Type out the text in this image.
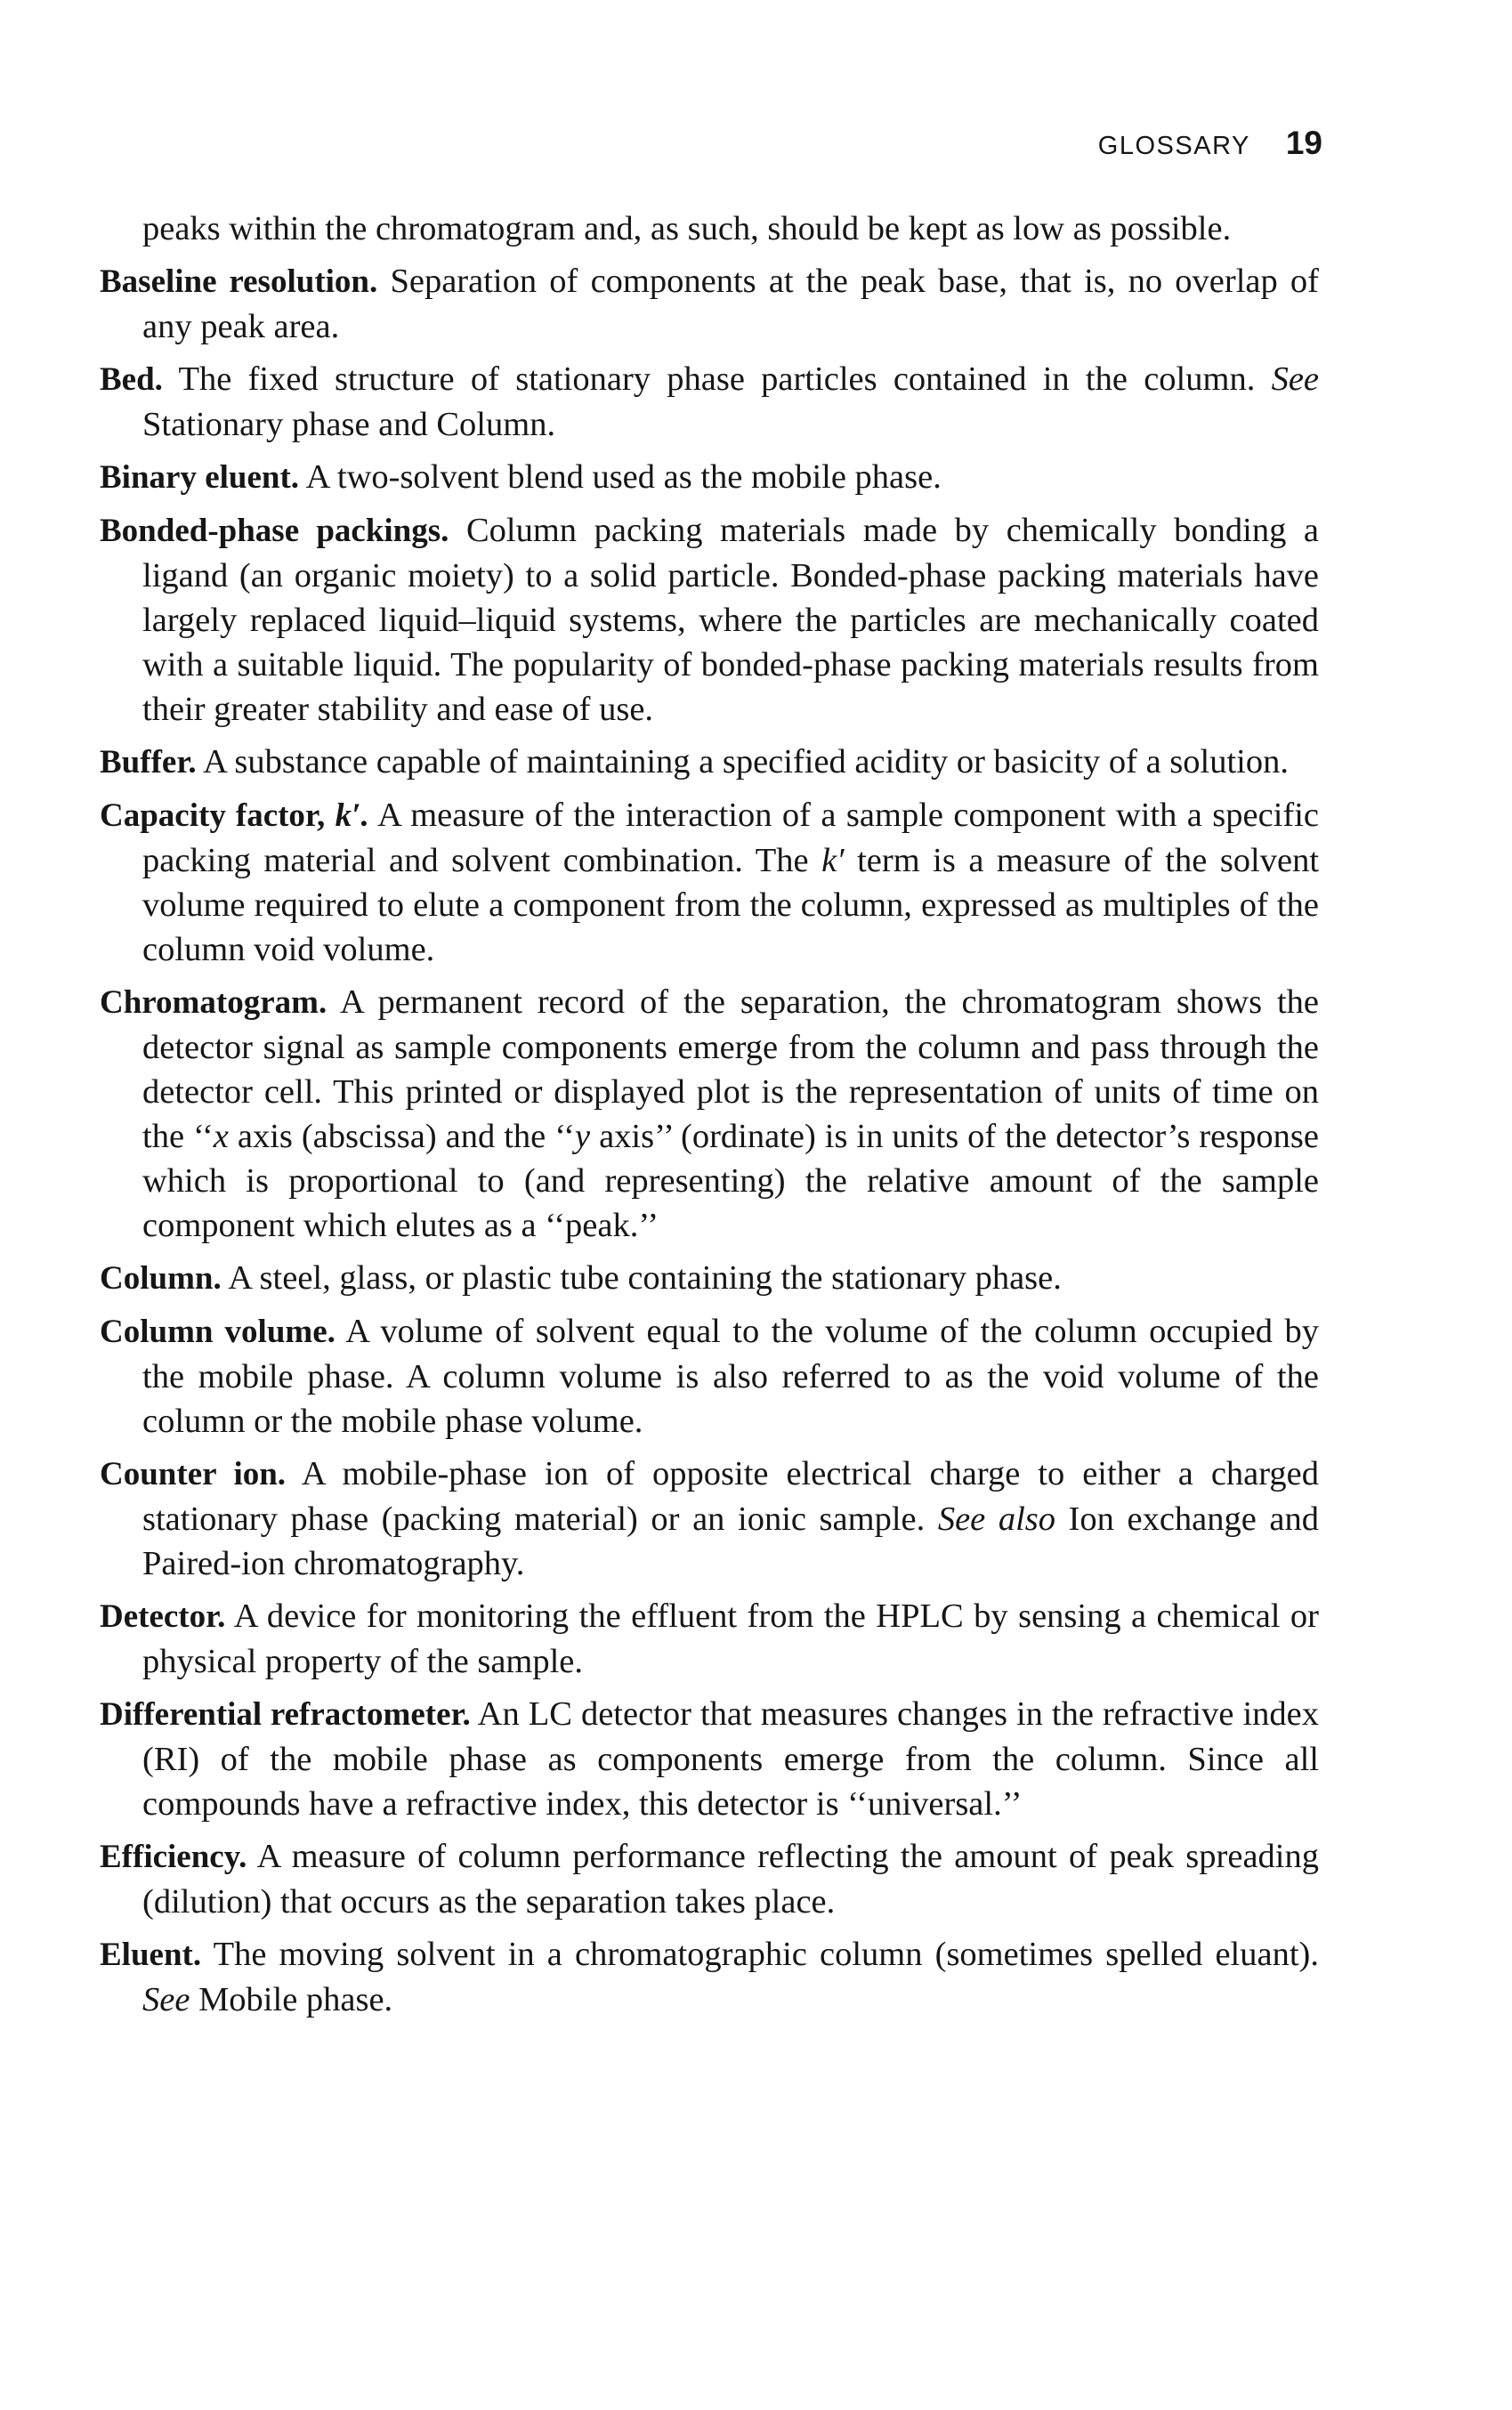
GLOSSARY 19

peaks within the chromatogram and, as such, should be kept as low as possible.

Baseline resolution. Separation of components at the peak base, that is, no overlap of any peak area.

Bed. The fixed structure of stationary phase particles contained in the column. See Stationary phase and Column.

Binary eluent. A two-solvent blend used as the mobile phase.

Bonded-phase packings. Column packing materials made by chemically bonding a ligand (an organic moiety) to a solid particle. Bonded-phase packing materials have largely replaced liquid–liquid systems, where the particles are mechanically coated with a suitable liquid. The popularity of bonded-phase packing materials results from their greater stability and ease of use.

Buffer. A substance capable of maintaining a specified acidity or basicity of a solution.

Capacity factor, k′. A measure of the interaction of a sample component with a specific packing material and solvent combination. The k′ term is a measure of the solvent volume required to elute a component from the column, expressed as multiples of the column void volume.

Chromatogram. A permanent record of the separation, the chromatogram shows the detector signal as sample components emerge from the column and pass through the detector cell. This printed or displayed plot is the representation of units of time on the ‘‘x axis (abscissa) and the ‘‘y axis’’ (ordinate) is in units of the detector’s response which is proportional to (and representing) the relative amount of the sample component which elutes as a ‘‘peak.’’

Column. A steel, glass, or plastic tube containing the stationary phase.

Column volume. A volume of solvent equal to the volume of the column occupied by the mobile phase. A column volume is also referred to as the void volume of the column or the mobile phase volume.

Counter ion. A mobile-phase ion of opposite electrical charge to either a charged stationary phase (packing material) or an ionic sample. See also Ion exchange and Paired-ion chromatography.

Detector. A device for monitoring the effluent from the HPLC by sensing a chemical or physical property of the sample.

Differential refractometer. An LC detector that measures changes in the refractive index (RI) of the mobile phase as components emerge from the column. Since all compounds have a refractive index, this detector is ‘‘universal.’’

Efficiency. A measure of column performance reflecting the amount of peak spreading (dilution) that occurs as the separation takes place.

Eluent. The moving solvent in a chromatographic column (sometimes spelled eluant). See Mobile phase.
